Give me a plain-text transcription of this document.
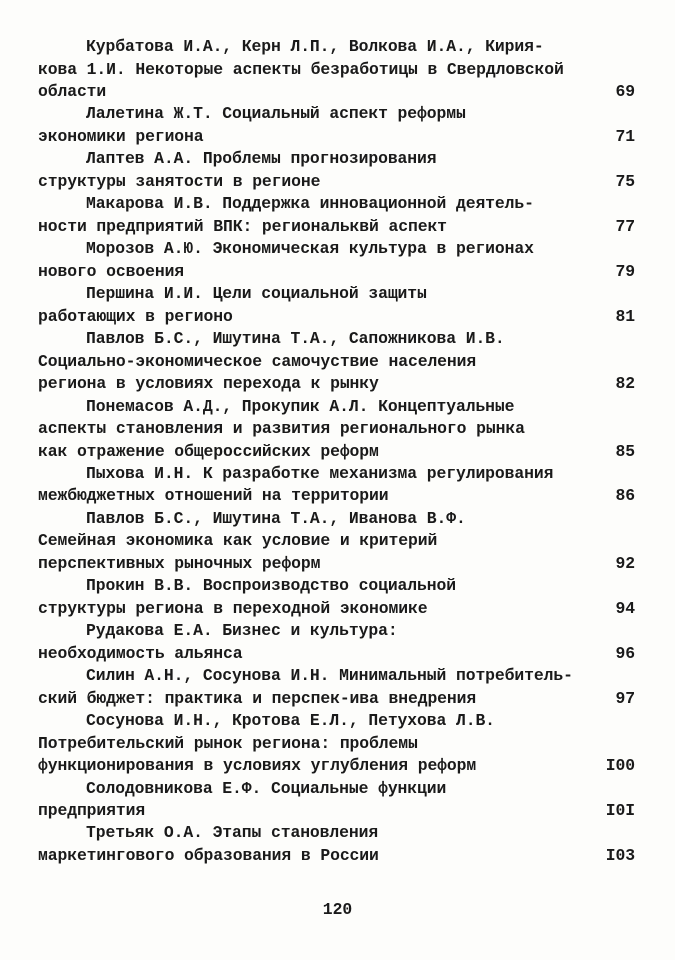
Курбатова И.А., Керн Л.П., Волкова И.А., Кирия-
кова 1.И. Некоторые аспекты безработицы в Свердловской
области	69
Лалетина Ж.Т. Социальный аспект реформы
экономики региона	71
Лаптев А.А. Проблемы прогнозирования
структуры занятости в регионе	75
Макарова И.В. Поддержка инновационной деятель-
ности предприятий ВПК: региональквй аспект	77
Морозов А.Ю. Экономическая культура в регионах
нового освоения	79
Першина И.И. Цели социальной защиты
работающих в регионо	81
Павлов Б.С., Ишутина Т.А., Сапожникова И.В.
Социально-экономическое самочуствие населения
региона в условиях перехода к рынку	82
Понемасов А.Д., Прокупик А.Л. Концептуальные
аспекты становления и развития регионального рынка
как отражение общероссийских реформ	85
Пыхова И.Н. К разработке механизма регулирования
межбюджетных отношений на территории	86
Павлов Б.С., Ишутина Т.А., Иванова В.Ф.
Семейная экономика как условие и критерий
перспективных рыночных реформ	92
Прокин В.В. Воспроизводство социальной
структуры региона в переходной экономике	94
Рудакова Е.А. Бизнес и культура:
необходимость альянса	96
Силин А.Н., Сосунова И.Н. Минимальный потребитель-
ский бюджет: практика и перспек-ива внедрения	97
Сосунова И.Н., Кротова Е.Л., Петухова Л.В.
Потребительский рынок региона: проблемы
функционирования в условиях углубления реформ	I00
Солодовникова Е.Ф. Социальные функции
предприятия	I0I
Третьяк О.А. Этапы становления
маркетингового образования в России	I03
120
